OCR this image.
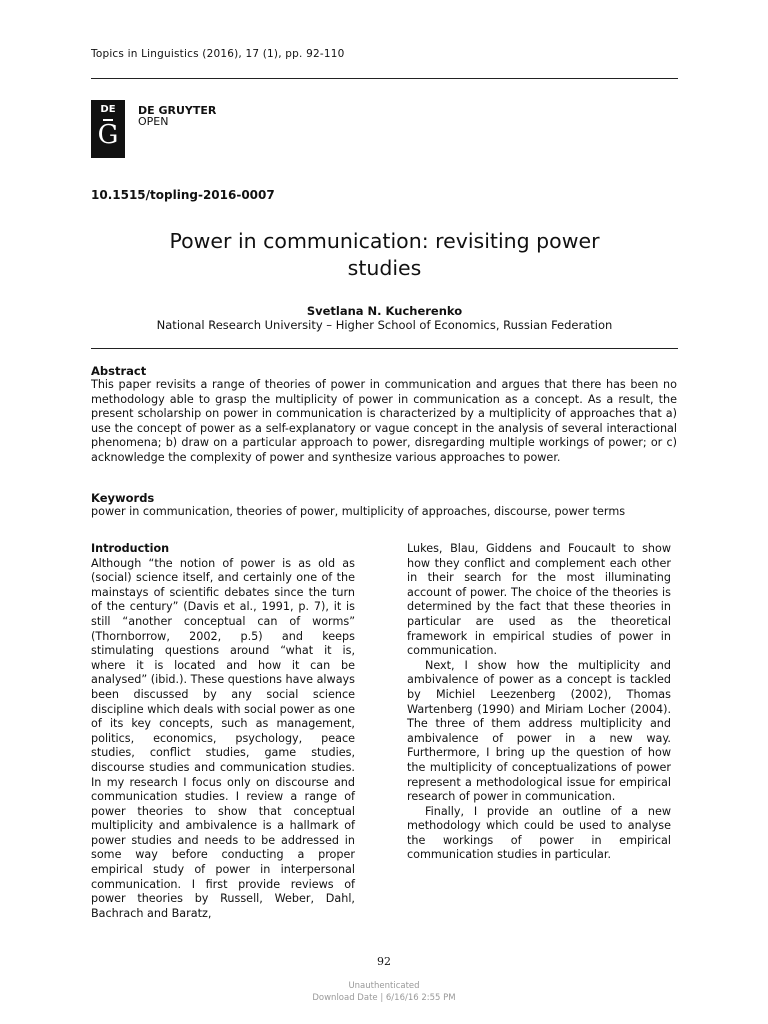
Topics in Linguistics (2016), 17 (1), pp. 92-110
DE
G
DE GRUYTER
OPEN
10.1515/topling-2016-0007
Power in communication: revisiting power
studies
Svetlana N. Kucherenko
National Research University – Higher School of Economics, Russian Federation
Abstract
This paper revisits a range of theories of power in communication and argues that there has been no methodology able to grasp the multiplicity of power in communication as a concept. As a result, the present scholarship on power in communication is characterized by a multiplicity of approaches that a) use the concept of power as a self-explanatory or vague concept in the analysis of several interactional phenomena; b) draw on a particular approach to power, disregarding multiple workings of power; or c) acknowledge the complexity of power and synthesize various approaches to power.
Keywords
power in communication, theories of power, multiplicity of approaches, discourse, power terms

Introduction

Although “the notion of power is as old as (social) science itself, and certainly one of the mainstays of scientific debates since the turn of the century” (Davis et al., 1991, p. 7), it is still “another conceptual can of worms” (Thornborrow, 2002, p.5) and keeps stimulating questions around “what it is, where it is located and how it can be analysed” (ibid.). These questions have always been discussed by any social science discipline which deals with social power as one of its key concepts, such as management, politics, economics, psychology, peace studies, conflict studies, game studies, discourse studies and communication studies. In my research I focus only on discourse and communication studies. I review a range of power theories to show that conceptual multiplicity and ambivalence is a hallmark of power studies and needs to be addressed in some way before conducting a proper empirical study of power in interpersonal communication. I first provide reviews of power theories by Russell, Weber, Dahl, Bachrach and Baratz,

Lukes, Blau, Giddens and Foucault to show how they conflict and complement each other in their search for the most illuminating account of power. The choice of the theories is determined by the fact that these theories in particular are used as the theoretical framework in empirical studies of power in communication.

Next, I show how the multiplicity and ambivalence of power as a concept is tackled by Michiel Leezenberg (2002), Thomas Wartenberg (1990) and Miriam Locher (2004). The three of them address multiplicity and ambivalence of power in a new way. Furthermore, I bring up the question of how the multiplicity of conceptualizations of power represent a methodological issue for empirical research of power in communication.

Finally, I provide an outline of a new methodology which could be used to analyse the workings of power in empirical communication studies in particular.

92
Unauthenticated
Download Date | 6/16/16 2:55 PM
